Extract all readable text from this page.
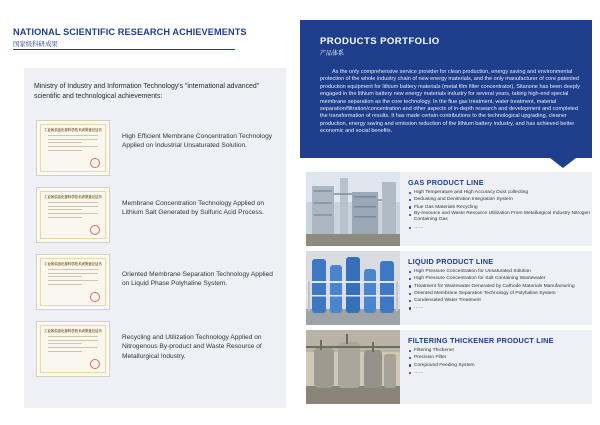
NATIONAL SCIENTIFIC RESEARCH ACHIEVEMENTS
国家级科研成果
Ministry of Industry and Information Technology's "international advanced" scientific and technological achievements:
工业和信息化部科学技术成果登记证书
High Efficient Membrane Concentration Technology Applied on Industrial Unsaturated Solution.
工业和信息化部科学技术成果登记证书
Membrane Concentration Technology Applied on Lithium Salt Generated by Sulfuric Acid Process.
工业和信息化部科学技术成果登记证书
Oriented Membrane Separation Technology Applied on Liquid Phase Polyhaline System.
工业和信息化部科学技术成果登记证书
Recycling and Utilization Technology Applied on Nitrogenous By-product and Waste Resource of Metallurgical Industry.
PRODUCTS PORTFOLIO
产品体系
As the only comprehensive service provider for clean production, energy saving and environmental protection of the whole industry chain of new energy materials, and the only manufacturer of core patented production equipment for lithium battery materials (metal film filter concentrator), Sitanone has been deeply engaged in the lithium battery new energy materials industry for several years, taking high-end special membrane separation as the core technology. In the flue gas treatment, water treatment, material separation/filtration/concentration and other aspects of in-depth research and development and completed the transformation of results. It has made certain contributions to the technological upgrading, cleaner production, energy saving and emission reduction of the lithium battery industry, and has achieved better economic and social benefits.
GAS PRODUCT LINE
High Temperature and High Accuracy Dust collecting
Dedusting and Denitration Integration System
Flue Gas Materials Recycling
By-resource and Waste Resource Utilization From Metallurgical Industry Nitrogen Containing Gas
……
LIQUID PRODUCT LINE
High Pressure Concentration for Unsaturated Solution
High Pressure Concentration for Salt Containing Wastewater
Treatment for Wastewater Generated by Cathode Materials Manufacturing
Oriented Membrane Separation Technology of Polyhaline System
Condensated Water Treatment
……
FILTERING THICKENER PRODUCT LINE
Filtering Thickener
Precision Filter
Compound Feeding System
……
